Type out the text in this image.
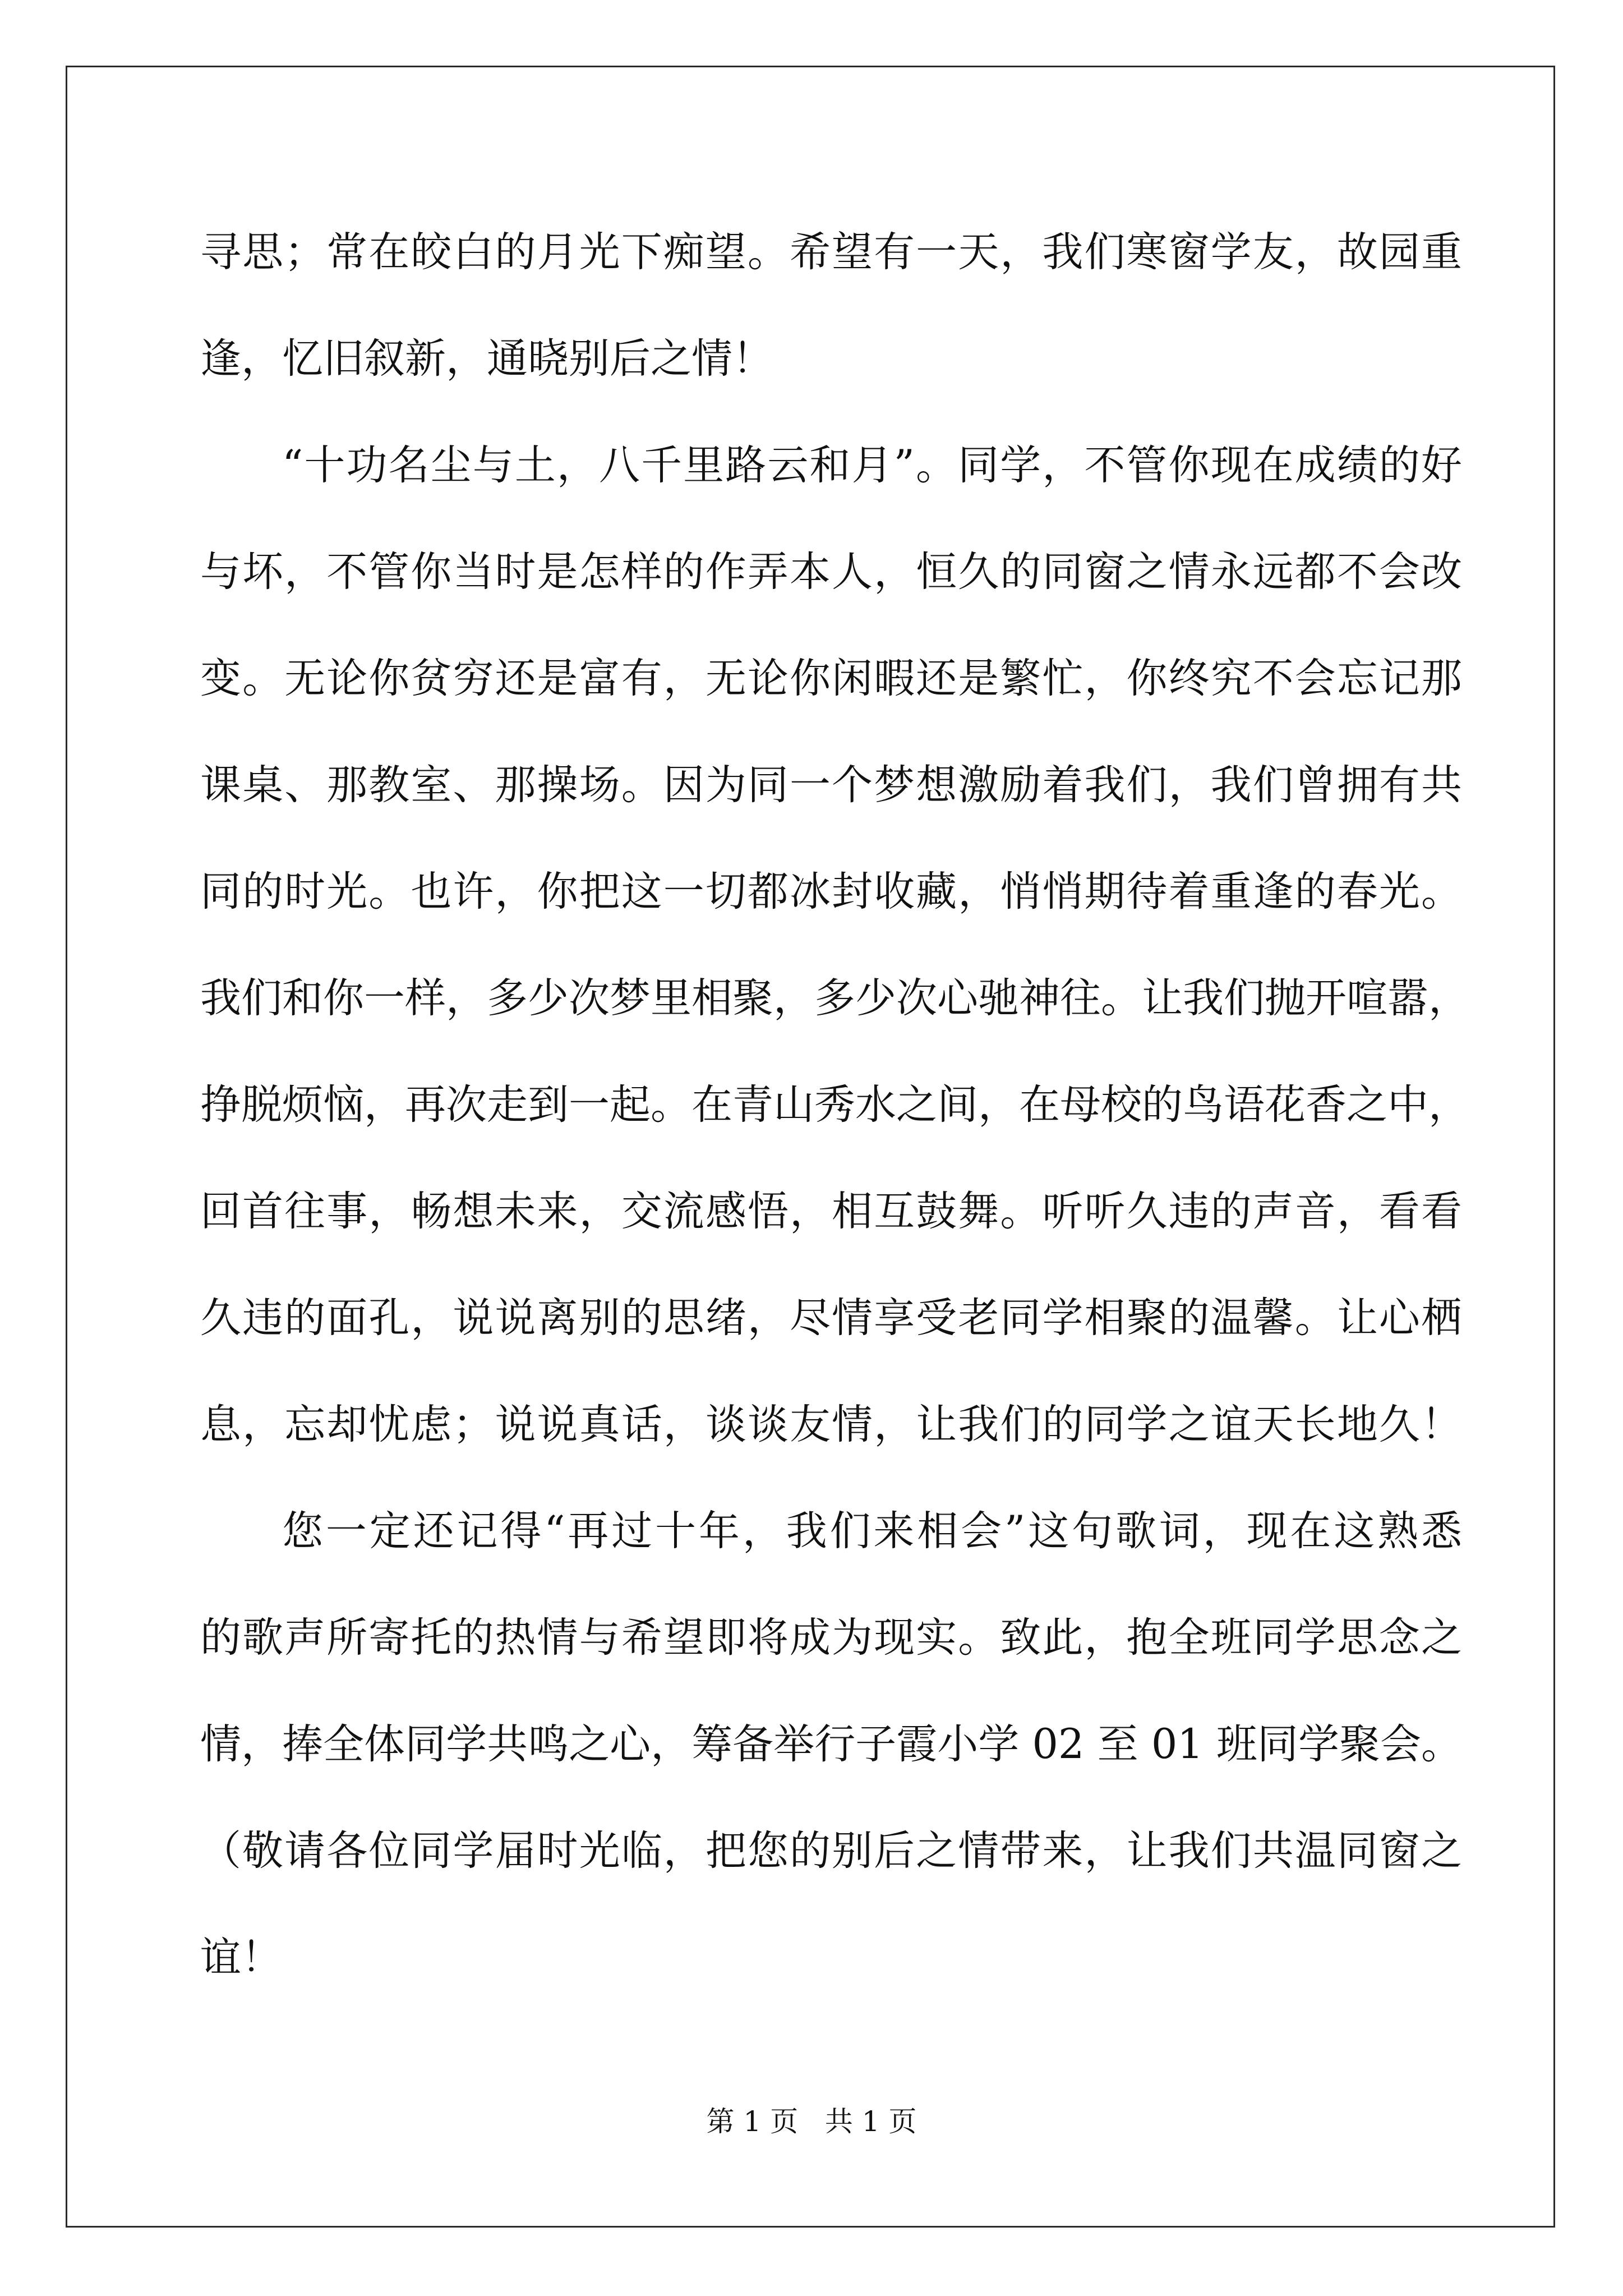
寻思；常在皎白的月光下痴望。希望有一天，我们寒窗学友，故园重
逢，忆旧叙新，通晓别后之情！
“十功名尘与土，八千里路云和月”。同学，不管你现在成绩的好
与坏，不管你当时是怎样的作弄本人，恒久的同窗之情永远都不会改
变。无论你贫穷还是富有，无论你闲暇还是繁忙，你终究不会忘记那
课桌、那教室、那操场。因为同一个梦想激励着我们，我们曾拥有共
同的时光。也许，你把这一切都冰封收藏，悄悄期待着重逢的春光。
我们和你一样，多少次梦里相聚，多少次心驰神往。让我们抛开喧嚣，
挣脱烦恼，再次走到一起。在青山秀水之间，在母校的鸟语花香之中，
回首往事，畅想未来，交流感悟，相互鼓舞。听听久违的声音，看看
久违的面孔，说说离别的思绪，尽情享受老同学相聚的温馨。让心栖
息，忘却忧虑；说说真话，谈谈友情，让我们的同学之谊天长地久！
您一定还记得“再过十年，我们来相会”这句歌词，现在这熟悉
的歌声所寄托的热情与希望即将成为现实。致此，抱全班同学思念之
情，捧全体同学共鸣之心，筹备举行子霞小学 02 至 01 班同学聚会。
（敬请各位同学届时光临，把您的别后之情带来，让我们共温同窗之
谊！
第 1 页   共 1 页
